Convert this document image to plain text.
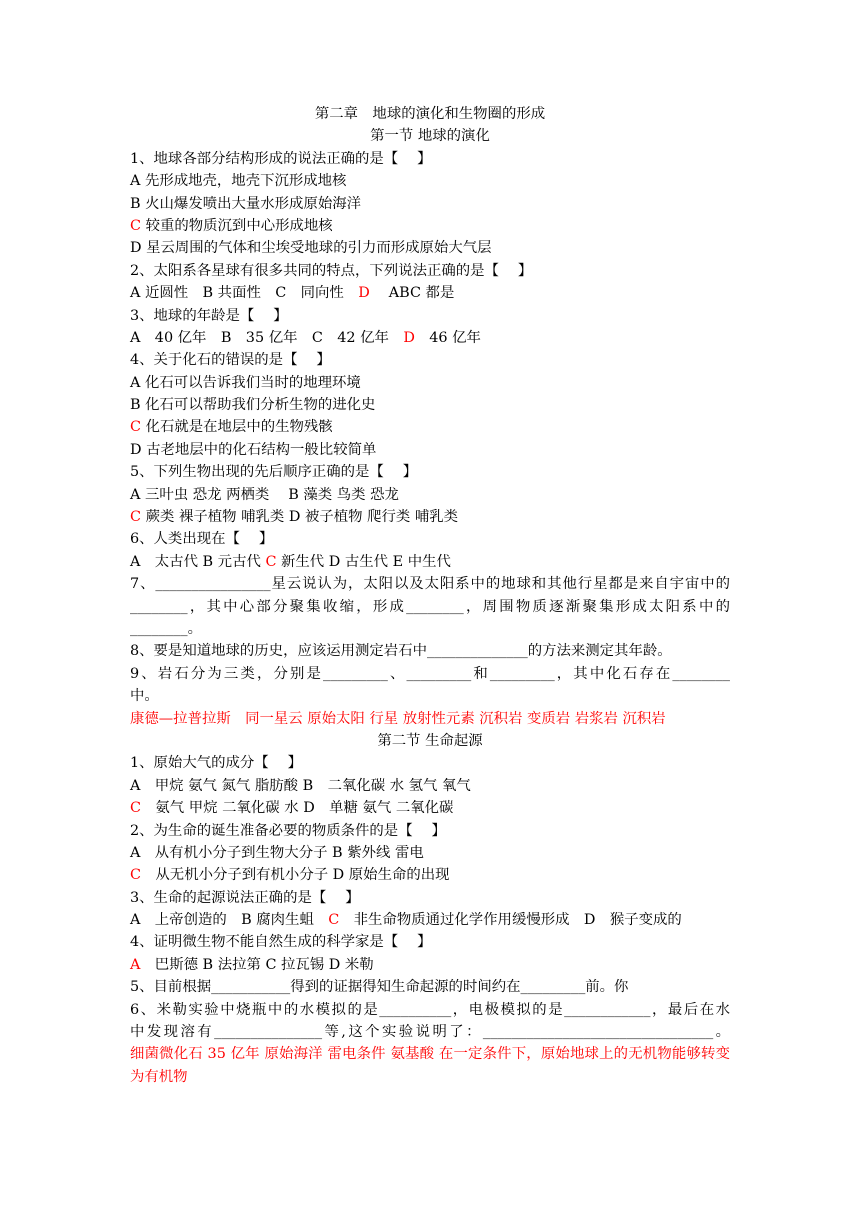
第二章　地球的演化和生物圈的形成
第一节 地球的演化
1、地球各部分结构形成的说法正确的是【　 】
A 先形成地壳，地壳下沉形成地核
B 火山爆发喷出大量水形成原始海洋
C 较重的物质沉到中心形成地核
D 星云周围的气体和尘埃受地球的引力而形成原始大气层
2、太阳系各星球有很多共同的特点，下列说法正确的是【　 】
A 近圆性　B 共面性　C　同向性　D　 ABC 都是
3、地球的年龄是【　 】
A　40 亿年　B　35 亿年　C　42 亿年　D　46 亿年
4、关于化石的错误的是【　 】
A 化石可以告诉我们当时的地理环境
B 化石可以帮助我们分析生物的进化史
C 化石就是在地层中的生物残骸
D 古老地层中的化石结构一般比较简单
5、下列生物出现的先后顺序正确的是【　 】
A 三叶虫 恐龙 两栖类　 B 藻类 鸟类 恐龙
C 蕨类 裸子植物 哺乳类 D 被子植物 爬行类 哺乳类
6、人类出现在【　 】
A　太古代 B 元古代 C 新生代 D 古生代 E 中生代
7、________________星云说认为，太阳以及太阳系中的地球和其他行星都是来自宇宙中的
________，其中心部分聚集收缩，形成________，周围物质逐渐聚集形成太阳系中的
________。
8、要是知道地球的历史，应该运用测定岩石中______________的方法来测定其年龄。
9、岩石分为三类，分别是_________、_________和_________，其中化石存在________
中。
康德—拉普拉斯　同一星云 原始太阳 行星 放射性元素 沉积岩 变质岩 岩浆岩 沉积岩
第二节 生命起源
1、原始大气的成分【　 】
A　甲烷 氨气 氮气 脂肪酸 B　二氧化碳 水 氢气 氧气
C　氨气 甲烷 二氧化碳 水 D　单糖 氨气 二氧化碳
2、为生命的诞生准备必要的物质条件的是【　 】
A　从有机小分子到生物大分子 B 紫外线 雷电
C　从无机小分子到有机小分子 D 原始生命的出现
3、生命的起源说法正确的是【　 】
A　上帝创造的　B 腐肉生蛆　C　非生命物质通过化学作用缓慢形成　D　猴子变成的
4、证明微生物不能自然生成的科学家是【　 】
A　巴斯德 B 法拉第 C 拉瓦锡 D 米勒
5、目前根据___________得到的证据得知生命起源的时间约在_________前。你
6、米勒实验中烧瓶中的水模拟的是__________，电极模拟的是____________，最后在水
中发现溶有_______________等,这个实验说明了：________________________________。
细菌微化石 35 亿年 原始海洋 雷电条件 氨基酸 在一定条件下，原始地球上的无机物能够转变为有机物
